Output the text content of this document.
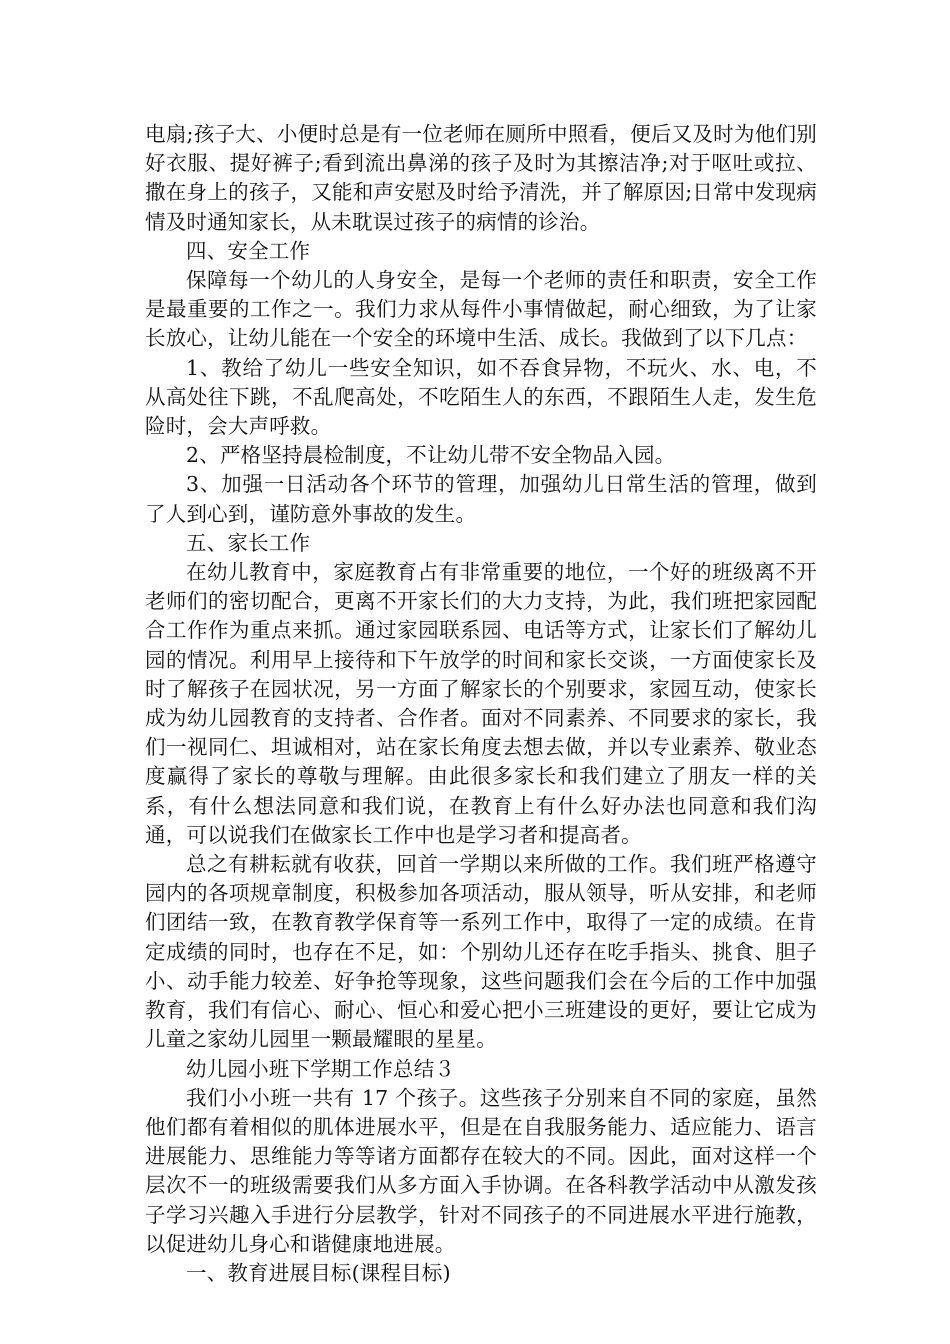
电扇;孩子大、小便时总是有一位老师在厕所中照看，便后又及时为他们别好衣服、提好裤子;看到流出鼻涕的孩子及时为其擦洁净;对于呕吐或拉、撒在身上的孩子，又能和声安慰及时给予清洗，并了解原因;日常中发现病情及时通知家长，从未耽误过孩子的病情的诊治。

四、安全工作

保障每一个幼儿的人身安全，是每一个老师的责任和职责，安全工作是最重要的工作之一。我们力求从每件小事情做起，耐心细致，为了让家长放心，让幼儿能在一个安全的环境中生活、成长。我做到了以下几点：

1、教给了幼儿一些安全知识，如不吞食异物，不玩火、水、电，不从高处往下跳，不乱爬高处，不吃陌生人的东西，不跟陌生人走，发生危险时，会大声呼救。

2、严格坚持晨检制度，不让幼儿带不安全物品入园。

3、加强一日活动各个环节的管理，加强幼儿日常生活的管理，做到了人到心到，谨防意外事故的发生。

五、家长工作

在幼儿教育中，家庭教育占有非常重要的地位，一个好的班级离不开老师们的密切配合，更离不开家长们的大力支持，为此，我们班把家园配合工作作为重点来抓。通过家园联系园、电话等方式，让家长们了解幼儿园的情况。利用早上接待和下午放学的时间和家长交谈，一方面使家长及时了解孩子在园状况，另一方面了解家长的个别要求，家园互动，使家长成为幼儿园教育的支持者、合作者。面对不同素养、不同要求的家长，我们一视同仁、坦诚相对，站在家长角度去想去做，并以专业素养、敬业态度赢得了家长的尊敬与理解。由此很多家长和我们建立了朋友一样的关系，有什么想法同意和我们说，在教育上有什么好办法也同意和我们沟通，可以说我们在做家长工作中也是学习者和提高者。

总之有耕耘就有收获，回首一学期以来所做的工作。我们班严格遵守园内的各项规章制度，积极参加各项活动，服从领导，听从安排，和老师们团结一致，在教育教学保育等一系列工作中，取得了一定的成绩。在肯定成绩的同时，也存在不足，如：个别幼儿还存在吃手指头、挑食、胆子小、动手能力较差、好争抢等现象，这些问题我们会在今后的工作中加强教育，我们有信心、耐心、恒心和爱心把小三班建设的更好，要让它成为儿童之家幼儿园里一颗最耀眼的星星。

幼儿园小班下学期工作总结３

我们小小班一共有 17 个孩子。这些孩子分别来自不同的家庭，虽然他们都有着相似的肌体进展水平，但是在自我服务能力、适应能力、语言进展能力、思维能力等等诸方面都存在较大的不同。因此，面对这样一个层次不一的班级需要我们从多方面入手协调。在各科教学活动中从激发孩子学习兴趣入手进行分层教学，针对不同孩子的不同进展水平进行施教，以促进幼儿身心和谐健康地进展。

一、教育进展目标(课程目标)
